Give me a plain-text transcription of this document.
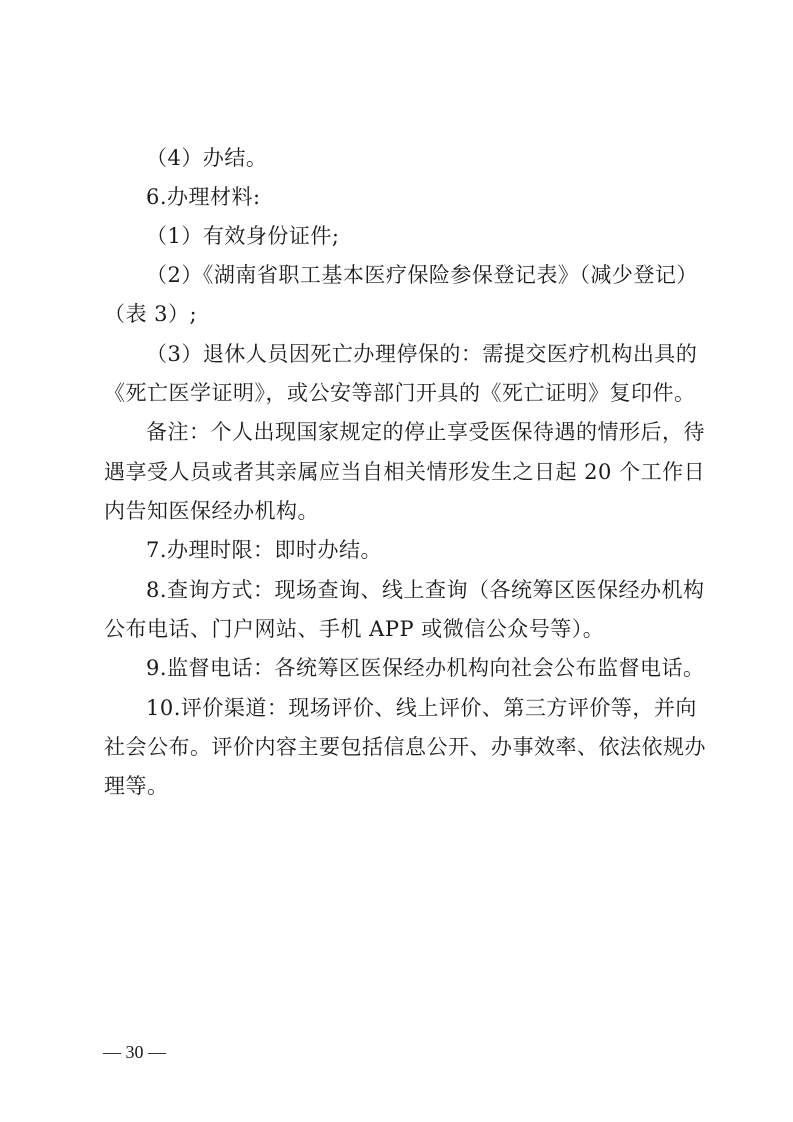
（4）办结。
6.办理材料:
（1）有效身份证件;
（2）《湖南省职工基本医疗保险参保登记表》（减少登记）
（表 3）;
（3）退休人员因死亡办理停保的：需提交医疗机构出具的
《死亡医学证明》，或公安等部门开具的《死亡证明》复印件。
备注：个人出现国家规定的停止享受医保待遇的情形后，待
遇享受人员或者其亲属应当自相关情形发生之日起 20 个工作日
内告知医保经办机构。
7.办理时限：即时办结。
8.查询方式：现场查询、线上查询（各统筹区医保经办机构
公布电话、门户网站、手机 APP 或微信公众号等）。
9.监督电话：各统筹区医保经办机构向社会公布监督电话。
10.评价渠道：现场评价、线上评价、第三方评价等，并向
社会公布。评价内容主要包括信息公开、办事效率、依法依规办
理等。
— 30 —
